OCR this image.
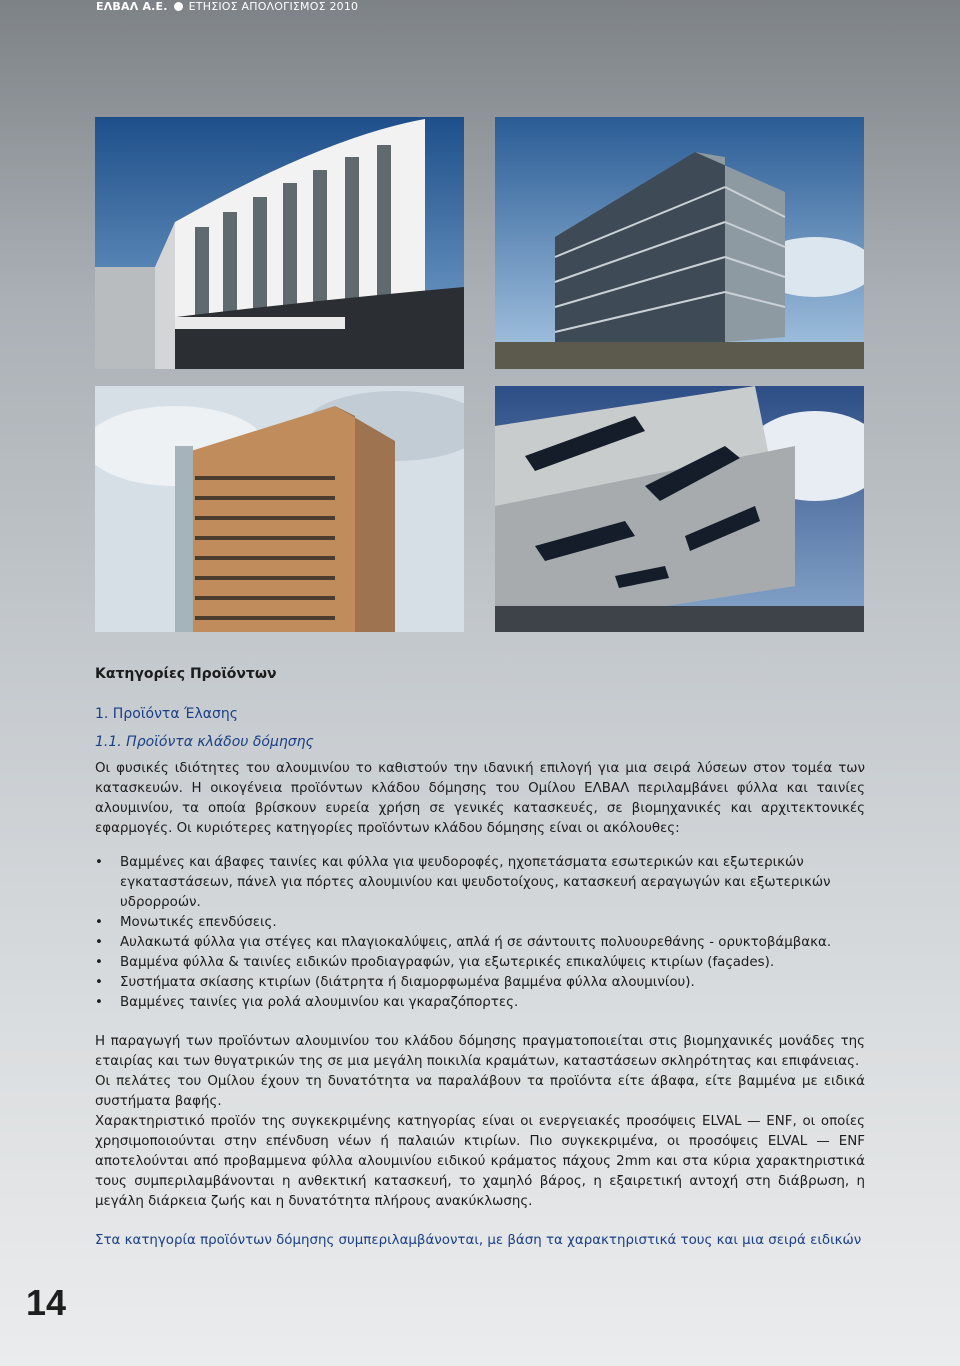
ΕΛΒΑΛ Α.Ε. ΕΤΗΣΙΟΣ ΑΠΟΛΟΓΙΣΜΟΣ 2010
Κατηγορίες Προϊόντων
1. Προϊόντα Έλασης
1.1. Προϊόντα κλάδου δόμησης

Οι φυσικές ιδιότητες του αλουμινίου το καθιστούν την ιδανική επιλογή για μια σειρά λύσεων στον τομέα των κατασκευών. Η οικογένεια προϊόντων κλάδου δόμησης του Ομίλου ΕΛΒΑΛ περιλαμβάνει φύλλα και ταινίες αλουμινίου, τα οποία βρίσκουν ευρεία χρήση σε γενικές κατασκευές, σε βιομηχανικές και αρχιτεκτονικές εφαρμογές. Οι κυριότερες κατηγορίες προϊόντων κλάδου δόμησης είναι οι ακόλουθες:

• Βαμμένες και άβαφες ταινίες και φύλλα για ψευδοροφές, ηχοπετάσματα εσωτερικών και εξωτερικών εγκαταστάσεων, πάνελ για πόρτες αλουμινίου και ψευδοτοίχους, κατασκευή αεραγωγών και εξωτερικών υδρορροών.
• Μονωτικές επενδύσεις.
• Αυλακωτά φύλλα για στέγες και πλαγιοκαλύψεις, απλά ή σε σάντουιτς πολυουρεθάνης - ορυκτοβάμβακα.
• Βαμμένα φύλλα & ταινίες ειδικών προδιαγραφών, για εξωτερικές επικαλύψεις κτιρίων (façades).
• Συστήματα σκίασης κτιρίων (διάτρητα ή διαμορφωμένα βαμμένα φύλλα αλουμινίου).
• Βαμμένες ταινίες για ρολά αλουμινίου και γκαραζόπορτες.

Η παραγωγή των προϊόντων αλουμινίου του κλάδου δόμησης πραγματοποιείται στις βιομηχανικές μονάδες της εταιρίας και των θυγατρικών της σε μια μεγάλη ποικιλία κραμάτων, καταστάσεων σκληρότητας και επιφάνειας.

Οι πελάτες του Ομίλου έχουν τη δυνατότητα να παραλάβουν τα προϊόντα είτε άβαφα, είτε βαμμένα με ειδικά συστήματα βαφής.

Χαρακτηριστικό προϊόν της συγκεκριμένης κατηγορίας είναι οι ενεργειακές προσόψεις ELVAL — ENF, οι οποίες χρησιμοποιούνται στην επένδυση νέων ή παλαιών κτιρίων. Πιο συγκεκριμένα, οι προσόψεις ELVAL — ENF αποτελούνται από προβαμμενα φύλλα αλουμινίου ειδικού κράματος πάχους 2mm και στα κύρια χαρακτηριστικά τους συμπεριλαμβάνονται η ανθεκτική κατασκευή, το χαμηλό βάρος, η εξαιρετική αντοχή στη διάβρωση, η μεγάλη διάρκεια ζωής και η δυνατότητα πλήρους ανακύκλωσης.

Στα κατηγορία προϊόντων δόμησης συμπεριλαμβάνονται, με βάση τα χαρακτηριστικά τους και μια σειρά ειδικών

14
